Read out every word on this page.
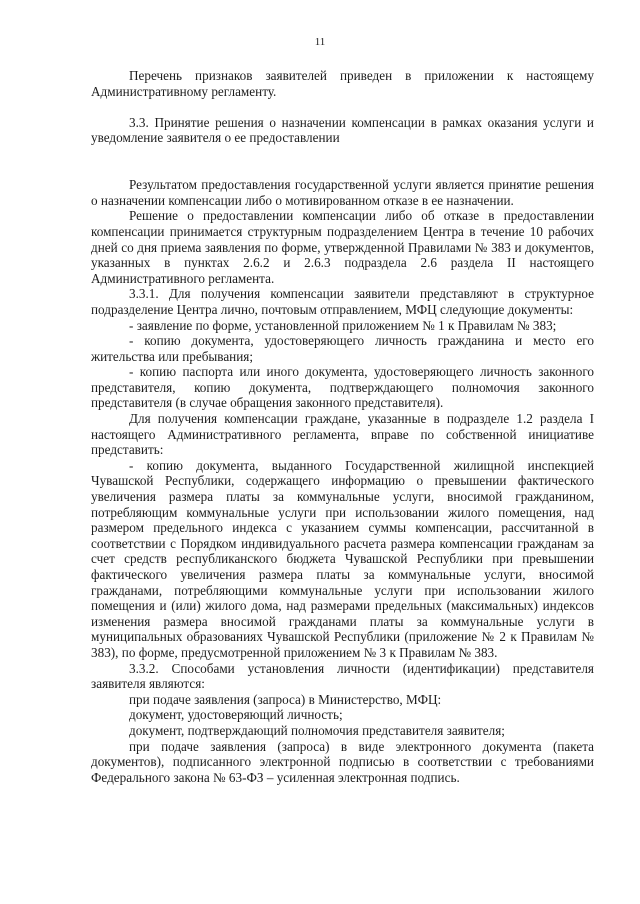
11

Перечень признаков заявителей приведен в приложении к настоящему Административному регламенту.

3.3. Принятие решения о назначении компенсации в рамках оказания услуги и уведомление заявителя о ее предоставлении

Результатом предоставления государственной услуги является принятие решения о назначении компенсации либо о мотивированном отказе в ее назначении.

Решение о предоставлении компенсации либо об отказе в предоставлении компенсации принимается структурным подразделением Центра в течение 10 рабочих дней со дня приема заявления по форме, утвержденной Правилами № 383 и документов, указанных в пунктах 2.6.2 и 2.6.3 подраздела 2.6 раздела II настоящего Административного регламента.

3.3.1. Для получения компенсации заявители представляют в структурное подразделение Центра лично, почтовым отправлением, МФЦ следующие документы:

- заявление по форме, установленной приложением № 1 к Правилам № 383;

- копию документа, удостоверяющего личность гражданина и место его жительства или пребывания;

- копию паспорта или иного документа, удостоверяющего личность законного представителя, копию документа, подтверждающего полномочия законного представителя (в случае обращения законного представителя).

Для получения компенсации граждане, указанные в подразделе 1.2 раздела I настоящего Административного регламента, вправе по собственной инициативе представить:

- копию документа, выданного Государственной жилищной инспекцией Чувашской Республики, содержащего информацию о превышении фактического увеличения размера платы за коммунальные услуги, вносимой гражданином, потребляющим коммунальные услуги при использовании жилого помещения, над размером предельного индекса с указанием суммы компенсации, рассчитанной в соответствии с Порядком индивидуального расчета размера компенсации гражданам за счет средств республиканского бюджета Чувашской Республики при превышении фактического увеличения размера платы за коммунальные услуги, вносимой гражданами, потребляющими коммунальные услуги при использовании жилого помещения и (или) жилого дома, над размерами предельных (максимальных) индексов изменения размера вносимой гражданами платы за коммунальные услуги в муниципальных образованиях Чувашской Республики (приложение № 2 к Правилам № 383), по форме, предусмотренной приложением № 3 к Правилам № 383.

3.3.2. Способами установления личности (идентификации) представителя заявителя являются:

при подаче заявления (запроса) в Министерство, МФЦ:

документ, удостоверяющий личность;

документ, подтверждающий полномочия представителя заявителя;

при подаче заявления (запроса) в виде электронного документа (пакета документов), подписанного электронной подписью в соответствии с требованиями Федерального закона № 63-ФЗ – усиленная электронная подпись.
